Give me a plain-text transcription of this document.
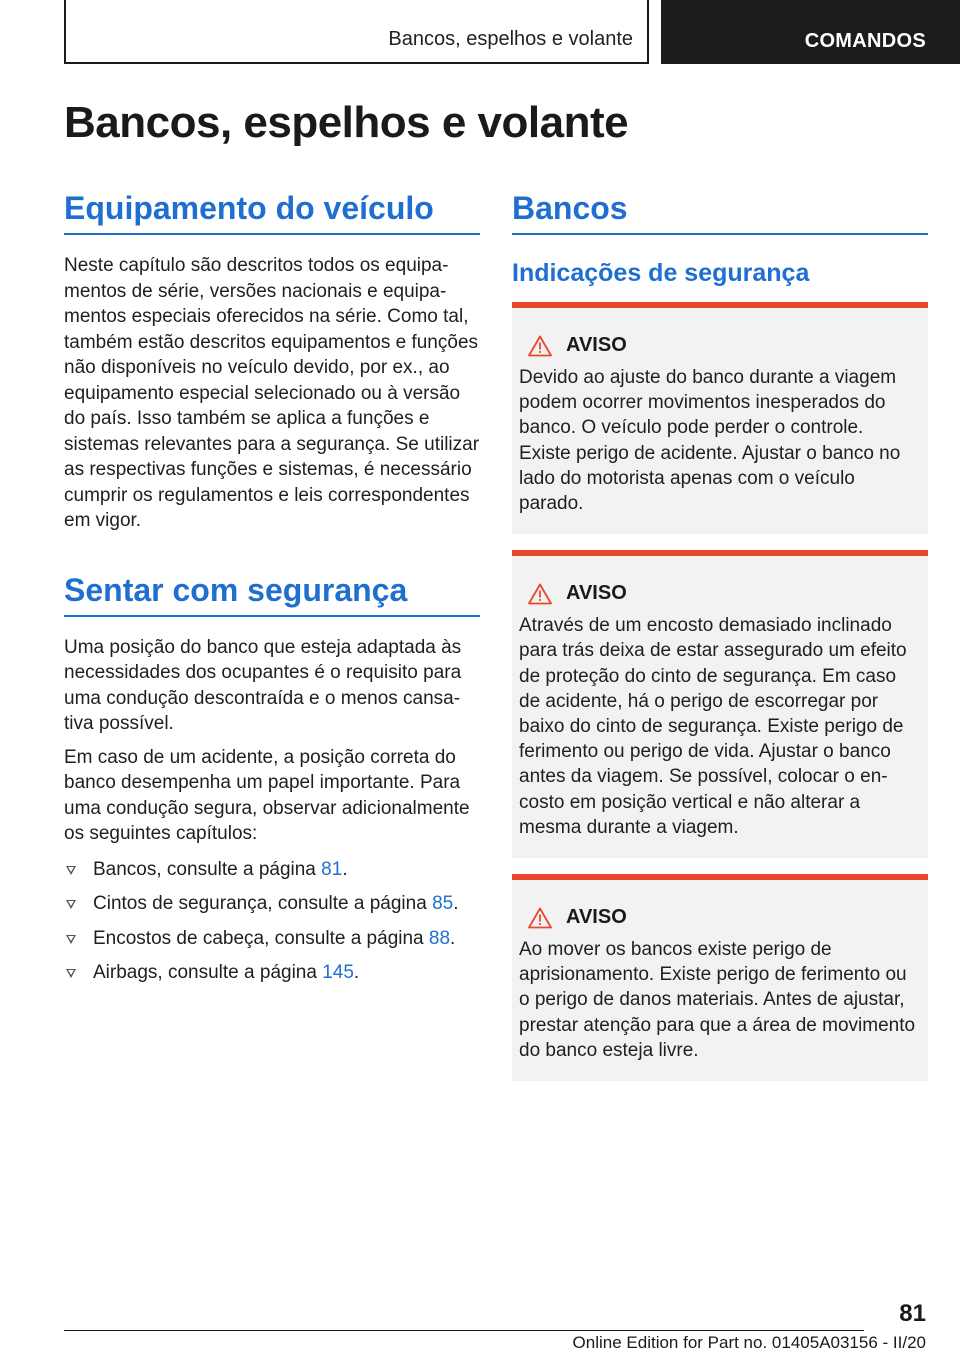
Bancos, espelhos e volante	COMANDOS
Bancos, espelhos e volante
Equipamento do veículo

Neste capítulo são descritos todos os equipamentos de série, versões nacionais e equipamentos especiais oferecidos na série. Como tal, também estão descritos equipamentos e funções não disponíveis no veículo devido, por ex., ao equipamento especial selecionado ou à versão do país. Isso também se aplica a funções e sistemas relevantes para a segurança. Se utilizar as respectivas funções e sistemas, é necessário cumprir os regulamentos e leis correspondentes em vigor.

Sentar com segurança

Uma posição do banco que esteja adaptada às necessidades dos ocupantes é o requisito para uma condução descontraída e o menos cansativa possível.

Em caso de um acidente, a posição correta do banco desempenha um papel importante. Para uma condução segura, observar adicionalmente os seguintes capítulos:

Bancos, consulte a página 81.
Cintos de segurança, consulte a página 85.
Encostos de cabeça, consulte a página 88.
Airbags, consulte a página 145.
Bancos
Indicações de segurança
AVISO

Devido ao ajuste do banco durante a viagem podem ocorrer movimentos inesperados do banco. O veículo pode perder o controle. Existe perigo de acidente. Ajustar o banco no lado do motorista apenas com o veículo parado.

AVISO

Através de um encosto demasiado inclinado para trás deixa de estar assegurado um efeito de proteção do cinto de segurança. Em caso de acidente, há o perigo de escorregar por baixo do cinto de segurança. Existe perigo de ferimento ou perigo de vida. Ajustar o banco antes da viagem. Se possível, colocar o encosto em posição vertical e não alterar a mesma durante a viagem.

AVISO

Ao mover os bancos existe perigo de aprisionamento. Existe perigo de ferimento ou o perigo de danos materiais. Antes de ajustar, prestar atenção para que a área de movimento do banco esteja livre.

81
Online Edition for Part no. 01405A03156 - II/20
